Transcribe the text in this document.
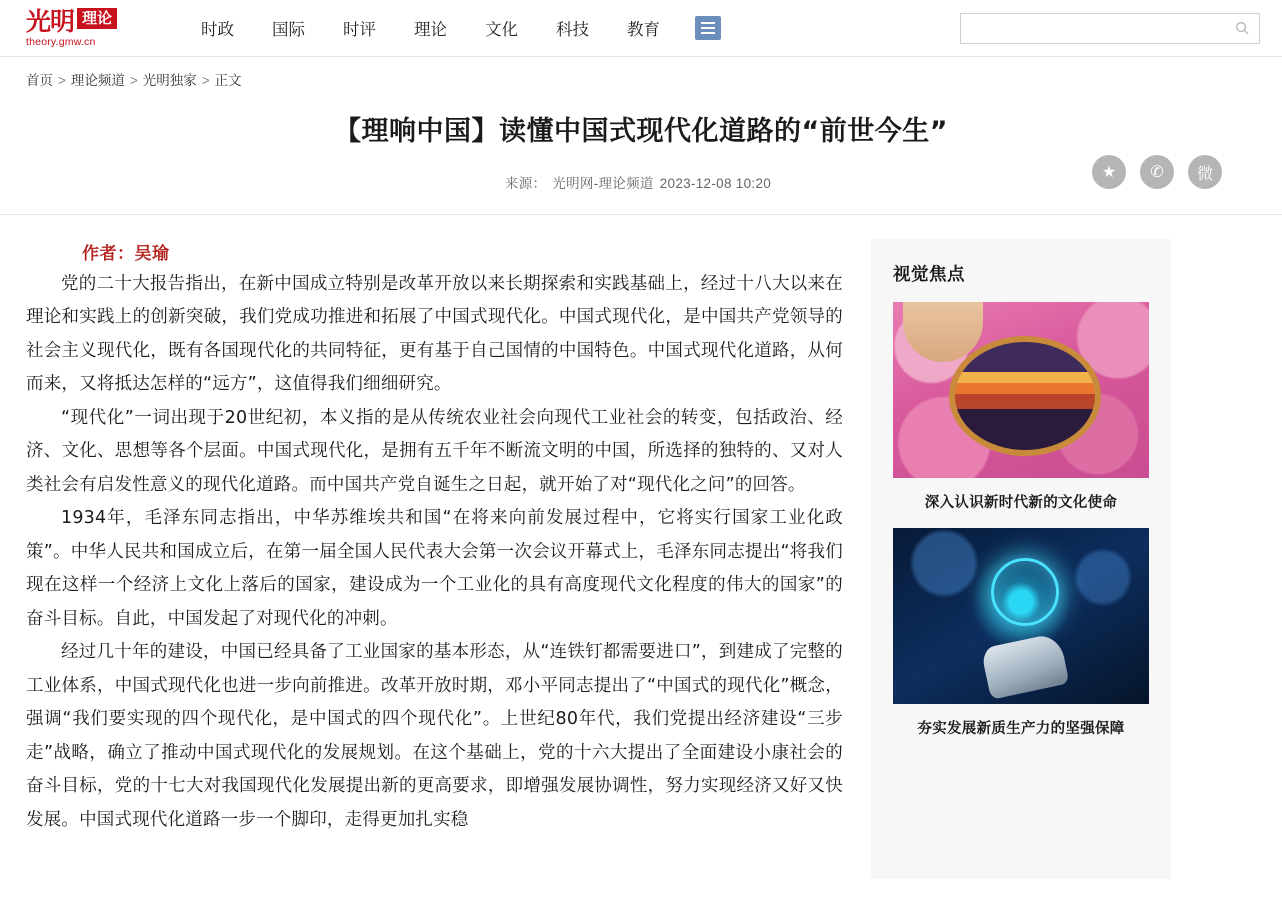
光明 理论
theory.gmw.cn
时政	国际	时评	理论	文化	科技	教育
首页 > 理论频道 > 光明独家 > 正文
【理响中国】读懂中国式现代化道路的“前世今生”
来源： 光明网-理论频道 2023-12-08 10:20
★	✆	微
作者：吴瑜

党的二十大报告指出，在新中国成立特别是改革开放以来长期探索和实践基础上，经过十八大以来在理论和实践上的创新突破，我们党成功推进和拓展了中国式现代化。中国式现代化，是中国共产党领导的社会主义现代化，既有各国现代化的共同特征，更有基于自己国情的中国特色。中国式现代化道路，从何而来，又将抵达怎样的“远方”，这值得我们细细研究。

“现代化”一词出现于20世纪初，本义指的是从传统农业社会向现代工业社会的转变，包括政治、经济、文化、思想等各个层面。中国式现代化，是拥有五千年不断流文明的中国，所选择的独特的、又对人类社会有启发性意义的现代化道路。而中国共产党自诞生之日起，就开始了对“现代化之问”的回答。

1934年，毛泽东同志指出，中华苏维埃共和国“在将来向前发展过程中，它将实行国家工业化政策”。中华人民共和国成立后，在第一届全国人民代表大会第一次会议开幕式上，毛泽东同志提出“将我们现在这样一个经济上文化上落后的国家，建设成为一个工业化的具有高度现代文化程度的伟大的国家”的奋斗目标。自此，中国发起了对现代化的冲刺。

经过几十年的建设，中国已经具备了工业国家的基本形态，从“连铁钉都需要进口”，到建成了完整的工业体系，中国式现代化也进一步向前推进。改革开放时期，邓小平同志提出了“中国式的现代化”概念，强调“我们要实现的四个现代化，是中国式的四个现代化”。上世纪80年代，我们党提出经济建设“三步走”战略，确立了推动中国式现代化的发展规划。在这个基础上，党的十六大提出了全面建设小康社会的奋斗目标，党的十七大对我国现代化发展提出新的更高要求，即增强发展协调性，努力实现经济又好又快发展。中国式现代化道路一步一个脚印，走得更加扎实稳

视觉焦点
深入认识新时代新的文化使命
夯实发展新质生产力的坚强保障
